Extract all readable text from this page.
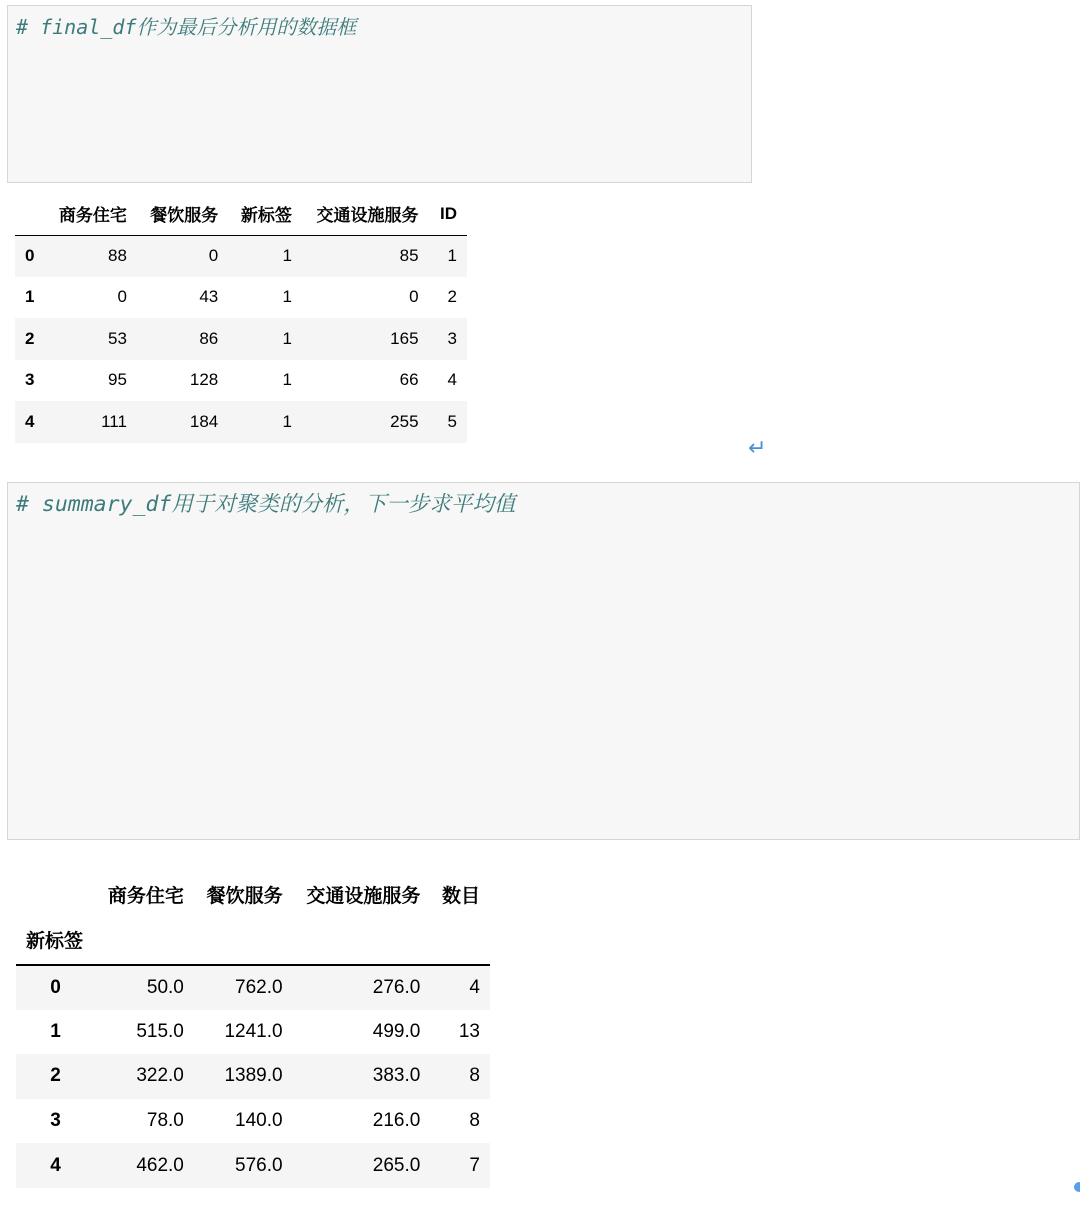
# final_df作为最后分析用的数据框
	商务住宅	餐饮服务	新标签	交通设施服务	ID
0	88	0	1	85	1
1	0	43	1	0	2
2	53	86	1	165	3
3	95	128	1	66	4
4	111	184	1	255	5
↵
# summary_df用于对聚类的分析，下一步求平均值
	商务住宅	餐饮服务	交通设施服务	数目
新标签				
0	50.0	762.0	276.0	4
1	515.0	1241.0	499.0	13
2	322.0	1389.0	383.0	8
3	78.0	140.0	216.0	8
4	462.0	576.0	265.0	7
